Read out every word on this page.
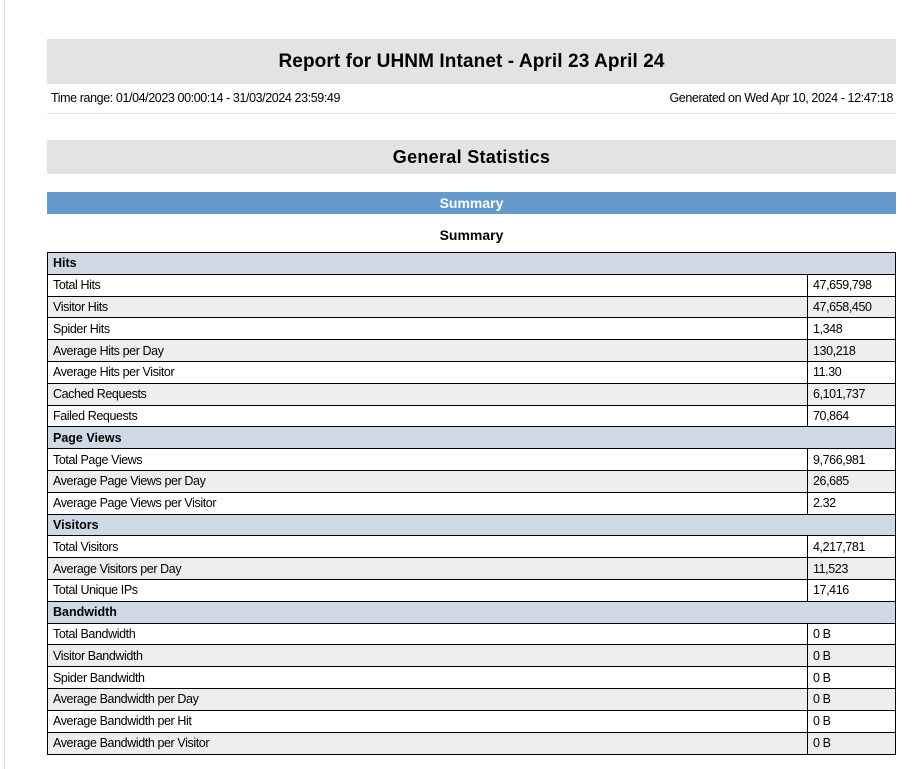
Report for UHNM Intanet - April 23 April 24
Time range: 01/04/2023 00:00:14 - 31/03/2024 23:59:49	Generated on Wed Apr 10, 2024 - 12:47:18
General Statistics
Summary
Summary
Hits
Total Hits	47,659,798
Visitor Hits	47,658,450
Spider Hits	1,348
Average Hits per Day	130,218
Average Hits per Visitor	11.30
Cached Requests	6,101,737
Failed Requests	70,864
Page Views
Total Page Views	9,766,981
Average Page Views per Day	26,685
Average Page Views per Visitor	2.32
Visitors
Total Visitors	4,217,781
Average Visitors per Day	11,523
Total Unique IPs	17,416
Bandwidth
Total Bandwidth	0 B
Visitor Bandwidth	0 B
Spider Bandwidth	0 B
Average Bandwidth per Day	0 B
Average Bandwidth per Hit	0 B
Average Bandwidth per Visitor	0 B
